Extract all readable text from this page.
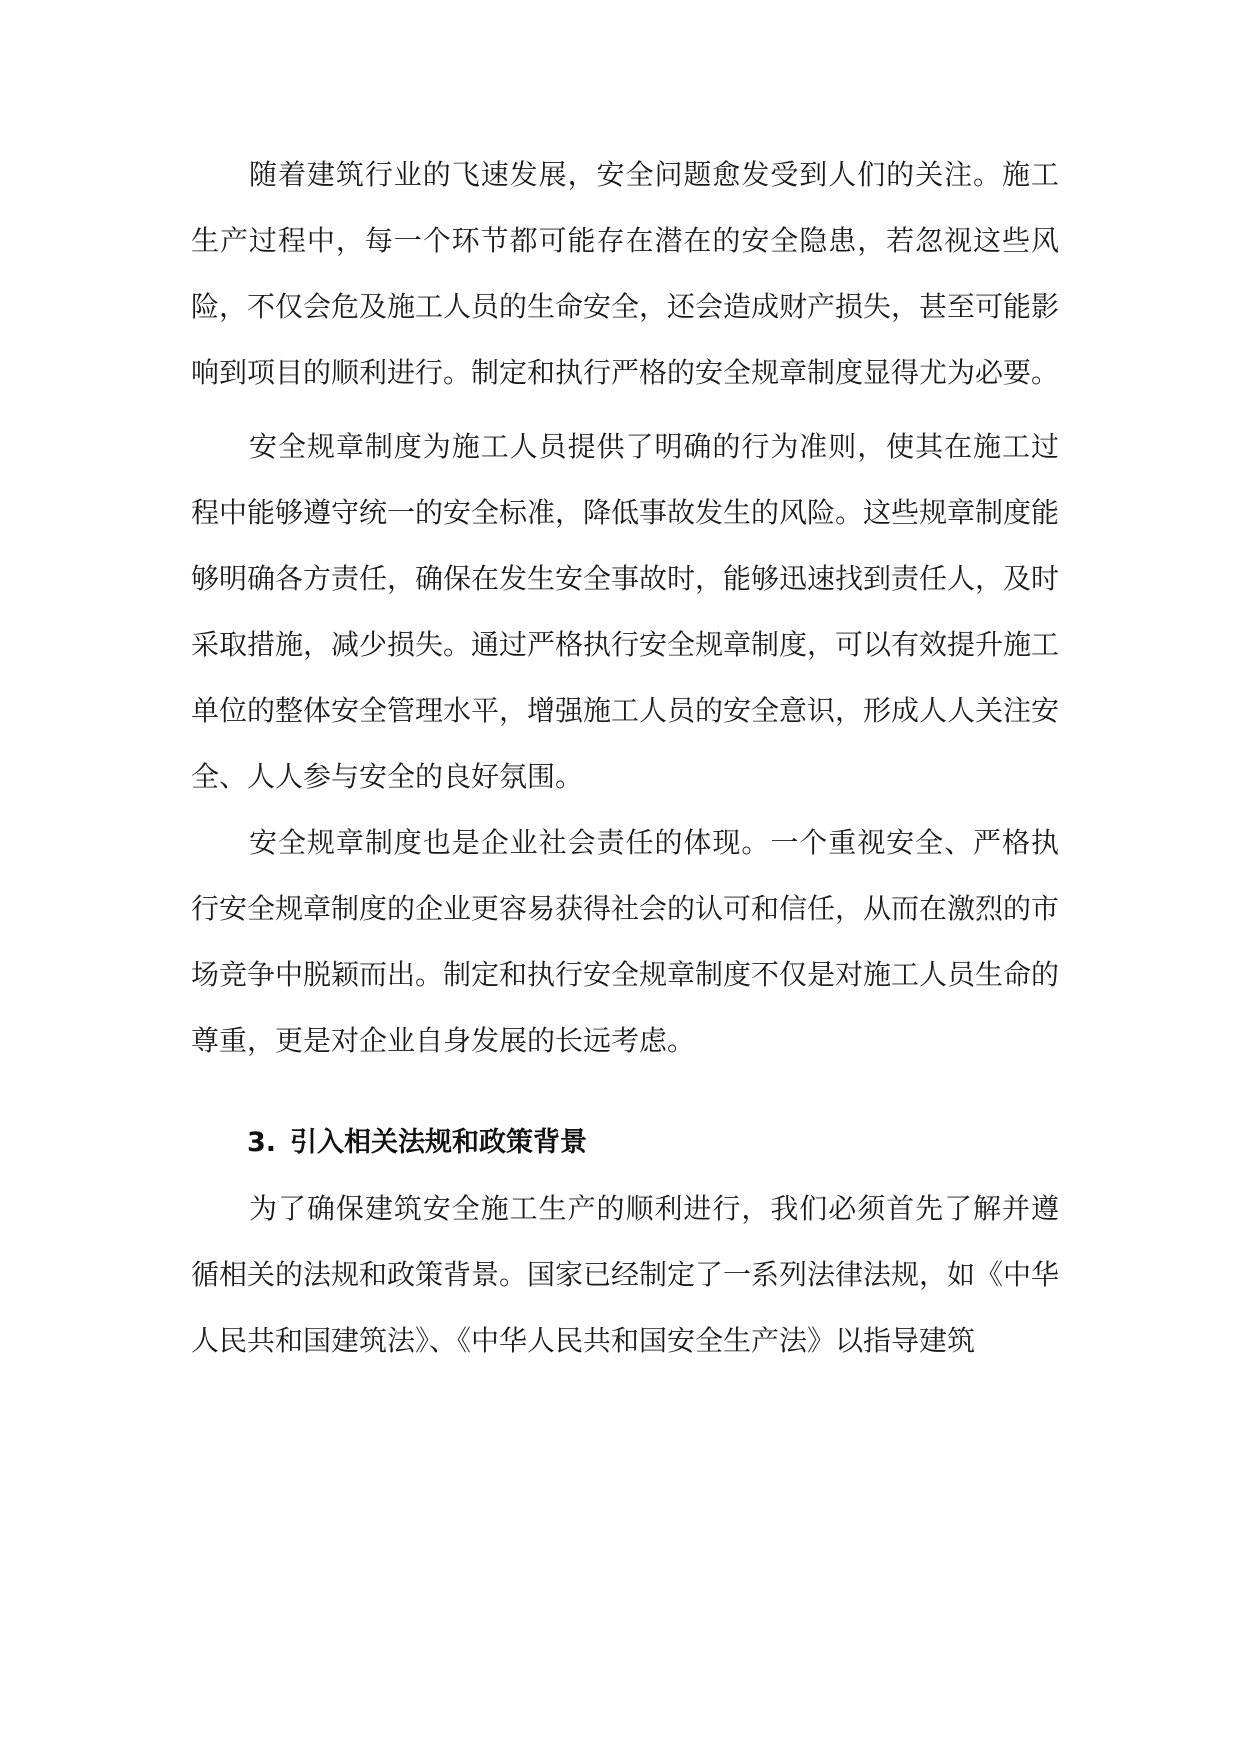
随着建筑行业的飞速发展，安全问题愈发受到人们的关注。施工生产过程中，每一个环节都可能存在潜在的安全隐患，若忽视这些风险，不仅会危及施工人员的生命安全，还会造成财产损失，甚至可能影响到项目的顺利进行。制定和执行严格的安全规章制度显得尤为必要。

安全规章制度为施工人员提供了明确的行为准则，使其在施工过程中能够遵守统一的安全标准，降低事故发生的风险。这些规章制度能够明确各方责任，确保在发生安全事故时，能够迅速找到责任人，及时采取措施，减少损失。通过严格执行安全规章制度，可以有效提升施工单位的整体安全管理水平，增强施工人员的安全意识，形成人人关注安全、人人参与安全的良好氛围。

安全规章制度也是企业社会责任的体现。一个重视安全、严格执行安全规章制度的企业更容易获得社会的认可和信任，从而在激烈的市场竞争中脱颖而出。制定和执行安全规章制度不仅是对施工人员生命的尊重，更是对企业自身发展的长远考虑。

3. 引入相关法规和政策背景

为了确保建筑安全施工生产的顺利进行，我们必须首先了解并遵循相关的法规和政策背景。国家已经制定了一系列法律法规，如《中华人民共和国建筑法》、《中华人民共和国安全生产法》以指导建筑
